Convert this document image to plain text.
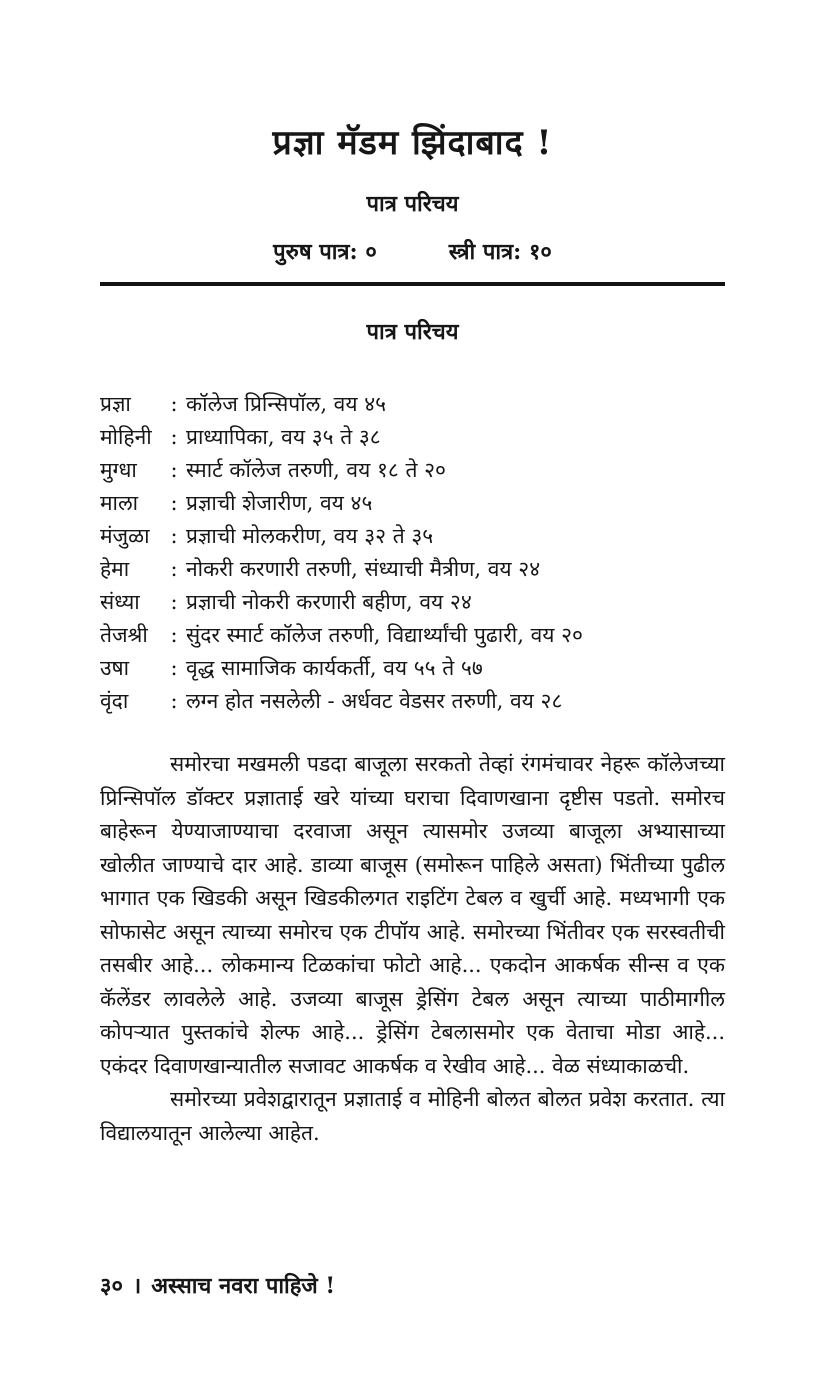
प्रज्ञा मॅडम झिंदाबाद !
पात्र परिचय
पुरुष पात्र: ०	स्त्री पात्र: १०
पात्र परिचय
प्रज्ञा	: कॉलेज प्रिन्सिपॉल, वय ४५
मोहिनी : प्राध्यापिका, वय ३५ ते ३८
मुग्धा	: स्मार्ट कॉलेज तरुणी, वय १८ ते २०
माला	: प्रज्ञाची शेजारीण, वय ४५
मंजुळा : प्रज्ञाची मोलकरीण, वय ३२ ते ३५
हेमा	: नोकरी करणारी तरुणी, संध्याची मैत्रीण, वय २४
संध्या	: प्रज्ञाची नोकरी करणारी बहीण, वय २४
तेजश्री	: सुंदर स्मार्ट कॉलेज तरुणी, विद्यार्थ्यांची पुढारी, वय २०
उषा	: वृद्ध सामाजिक कार्यकर्ती, वय ५५ ते ५७
वृंदा	: लग्न होत नसलेली - अर्धवट वेडसर तरुणी, वय २८

समोरचा मखमली पडदा बाजूला सरकतो तेव्हां रंगमंचावर नेहरू कॉलेजच्या प्रिन्सिपॉल डॉक्टर प्रज्ञाताई खरे यांच्या घराचा दिवाणखाना दृष्टीस पडतो. समोरच बाहेरून येण्याजाण्याचा दरवाजा असून त्यासमोर उजव्या बाजूला अभ्यासाच्या खोलीत जाण्याचे दार आहे. डाव्या बाजूस (समोरून पाहिले असता) भिंतीच्या पुढील भागात एक खिडकी असून खिडकीलगत राइटिंग टेबल व खुर्ची आहे. मध्यभागी एक सोफासेट असून त्याच्या समोरच एक टीपॉय आहे. समोरच्या भिंतीवर एक सरस्वतीची तसबीर आहे... लोकमान्य टिळकांचा फोटो आहे... एकदोन आकर्षक सीन्स व एक कॅलेंडर लावलेले आहे. उजव्या बाजूस ड्रेसिंग टेबल असून त्याच्या पाठीमागील कोपऱ्यात पुस्तकांचे शेल्फ आहे... ड्रेसिंग टेबलासमोर एक वेताचा मोडा आहे... एकंदर दिवाणखान्यातील सजावट आकर्षक व रेखीव आहे... वेळ संध्याकाळची.

समोरच्या प्रवेशद्वारातून प्रज्ञाताई व मोहिनी बोलत बोलत प्रवेश करतात. त्या विद्यालयातून आलेल्या आहेत.

३० । अस्साच नवरा पाहिजे !
